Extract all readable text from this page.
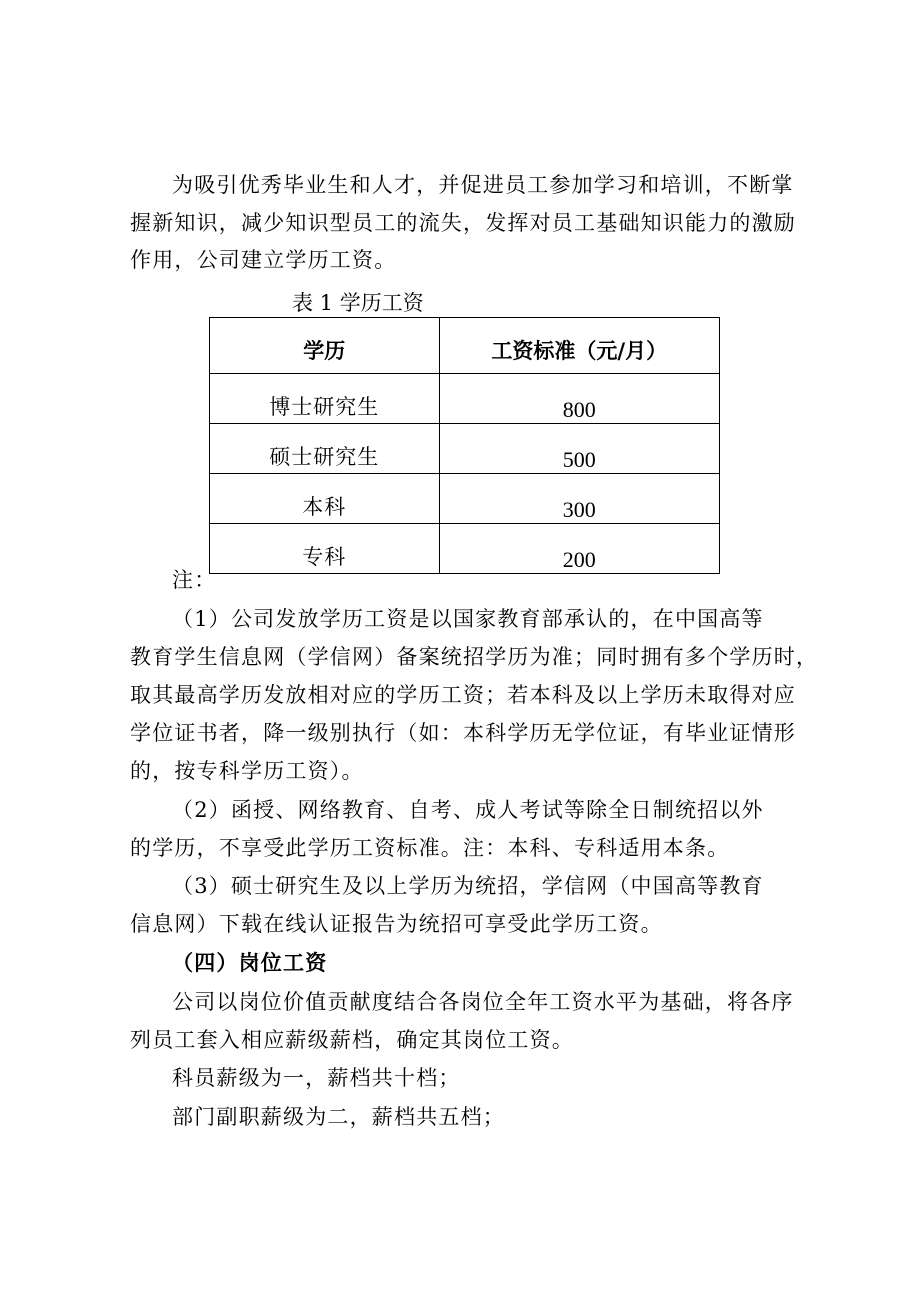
为吸引优秀毕业生和人才，并促进员工参加学习和培训，不断掌
握新知识，减少知识型员工的流失，发挥对员工基础知识能力的激励
作用，公司建立学历工资。
表 1 学历工资
学历	工资标准（元/月）
博士研究生	800
硕士研究生	500
本科	300
专科	200
注：
（1）公司发放学历工资是以国家教育部承认的，在中国高等
教育学生信息网（学信网）备案统招学历为准；同时拥有多个学历时，
取其最高学历发放相对应的学历工资；若本科及以上学历未取得对应
学位证书者，降一级别执行（如：本科学历无学位证，有毕业证情形
的，按专科学历工资）。
（2）函授、网络教育、自考、成人考试等除全日制统招以外
的学历，不享受此学历工资标准。注：本科、专科适用本条。
（3）硕士研究生及以上学历为统招，学信网（中国高等教育
信息网）下载在线认证报告为统招可享受此学历工资。
（四）岗位工资
公司以岗位价值贡献度结合各岗位全年工资水平为基础，将各序
列员工套入相应薪级薪档，确定其岗位工资。
科员薪级为一，薪档共十档；
部门副职薪级为二，薪档共五档；
